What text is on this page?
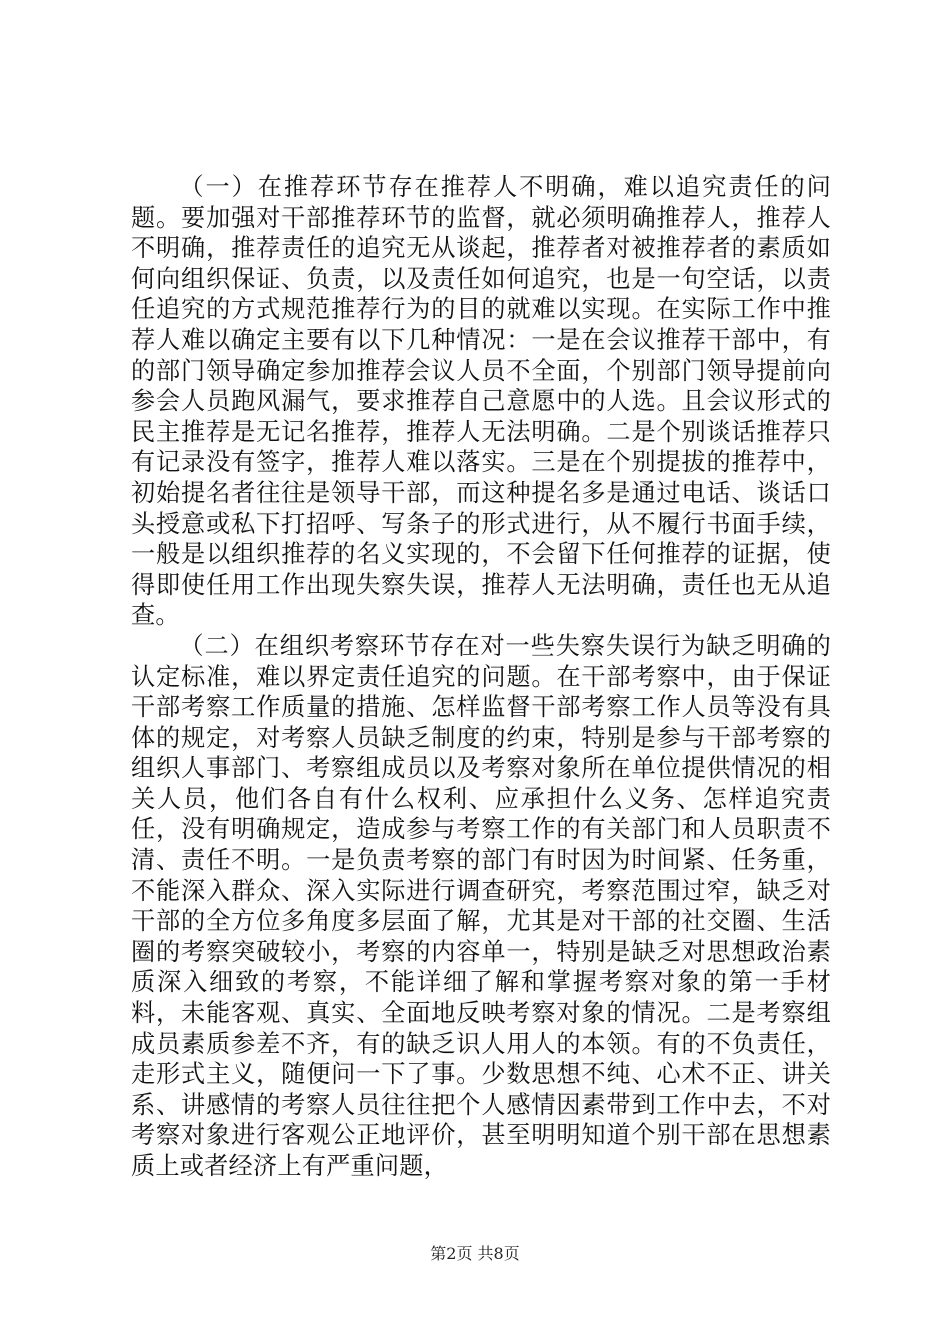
（一）在推荐环节存在推荐人不明确，难以追究责任的问题。要加强对干部推荐环节的监督，就必须明确推荐人，推荐人不明确，推荐责任的追究无从谈起，推荐者对被推荐者的素质如何向组织保证、负责，以及责任如何追究，也是一句空话，以责任追究的方式规范推荐行为的目的就难以实现。在实际工作中推荐人难以确定主要有以下几种情况：一是在会议推荐干部中，有的部门领导确定参加推荐会议人员不全面，个别部门领导提前向参会人员跑风漏气，要求推荐自己意愿中的人选。且会议形式的民主推荐是无记名推荐，推荐人无法明确。二是个别谈话推荐只有记录没有签字，推荐人难以落实。三是在个别提拔的推荐中，初始提名者往往是领导干部，而这种提名多是通过电话、谈话口头授意或私下打招呼、写条子的形式进行，从不履行书面手续，一般是以组织推荐的名义实现的，不会留下任何推荐的证据，使得即使任用工作出现失察失误，推荐人无法明确，责任也无从追查。

（二）在组织考察环节存在对一些失察失误行为缺乏明确的认定标准，难以界定责任追究的问题。在干部考察中，由于保证干部考察工作质量的措施、怎样监督干部考察工作人员等没有具体的规定，对考察人员缺乏制度的约束，特别是参与干部考察的组织人事部门、考察组成员以及考察对象所在单位提供情况的相关人员，他们各自有什么权利、应承担什么义务、怎样追究责任，没有明确规定，造成参与考察工作的有关部门和人员职责不清、责任不明。一是负责考察的部门有时因为时间紧、任务重，不能深入群众、深入实际进行调查研究，考察范围过窄，缺乏对干部的全方位多角度多层面了解，尤其是对干部的社交圈、生活圈的考察突破较小，考察的内容单一，特别是缺乏对思想政治素质深入细致的考察，不能详细了解和掌握考察对象的第一手材料，未能客观、真实、全面地反映考察对象的情况。二是考察组成员素质参差不齐，有的缺乏识人用人的本领。有的不负责任，走形式主义，随便问一下了事。少数思想不纯、心术不正、讲关系、讲感情的考察人员往往把个人感情因素带到工作中去，不对考察对象进行客观公正地评价，甚至明明知道个别干部在思想素质上或者经济上有严重问题，

第2页 共8页
